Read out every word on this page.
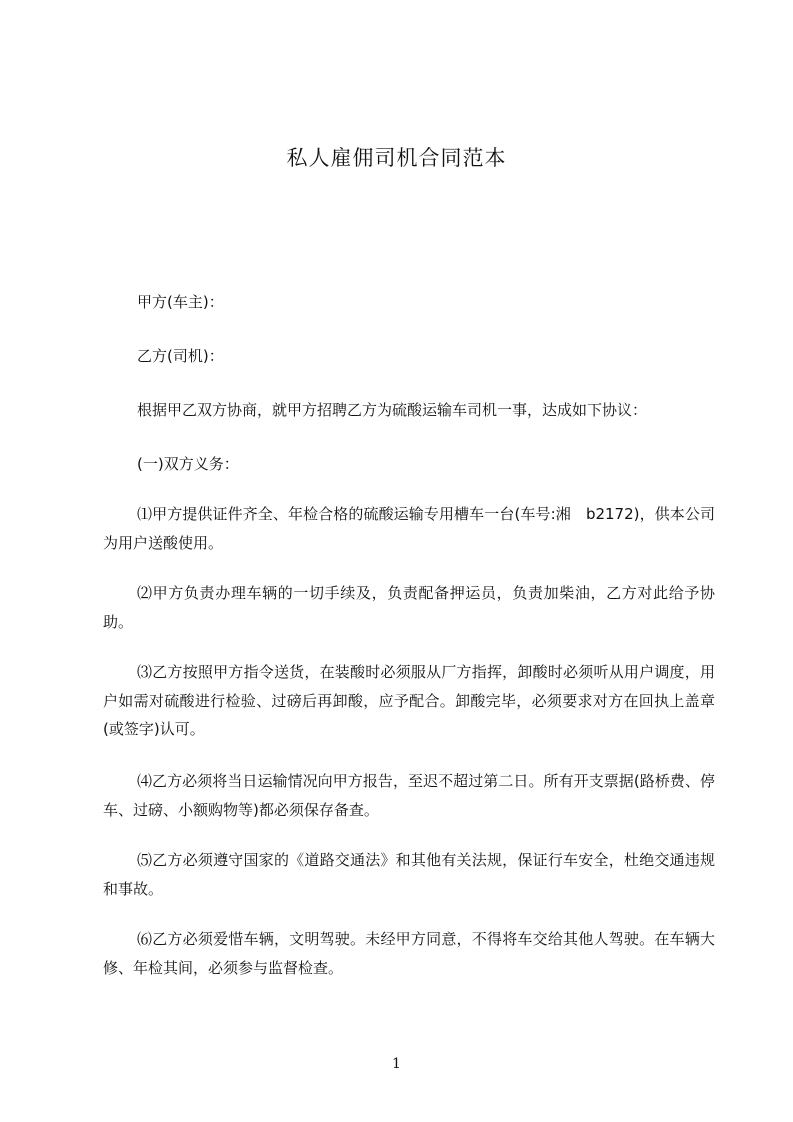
私人雇佣司机合同范本
甲方(车主)：
乙方(司机)：
根据甲乙双方协商，就甲方招聘乙方为硫酸运输车司机一事，达成如下协议：
(一)双方义务：
⑴甲方提供证件齐全、年检合格的硫酸运输专用槽车一台(车号:湘　b2172)，供本公司为用户送酸使用。
⑵甲方负责办理车辆的一切手续及，负责配备押运员，负责加柴油，乙方对此给予协助。
⑶乙方按照甲方指令送货，在装酸时必须服从厂方指挥，卸酸时必须听从用户调度，用户如需对硫酸进行检验、过磅后再卸酸，应予配合。卸酸完毕，必须要求对方在回执上盖章(或签字)认可。
⑷乙方必须将当日运输情况向甲方报告，至迟不超过第二日。所有开支票据(路桥费、停车、过磅、小额购物等)都必须保存备查。
⑸乙方必须遵守国家的《道路交通法》和其他有关法规，保证行车安全，杜绝交通违规和事故。
⑹乙方必须爱惜车辆，文明驾驶。未经甲方同意，不得将车交给其他人驾驶。在车辆大修、年检其间，必须参与监督检查。
1
